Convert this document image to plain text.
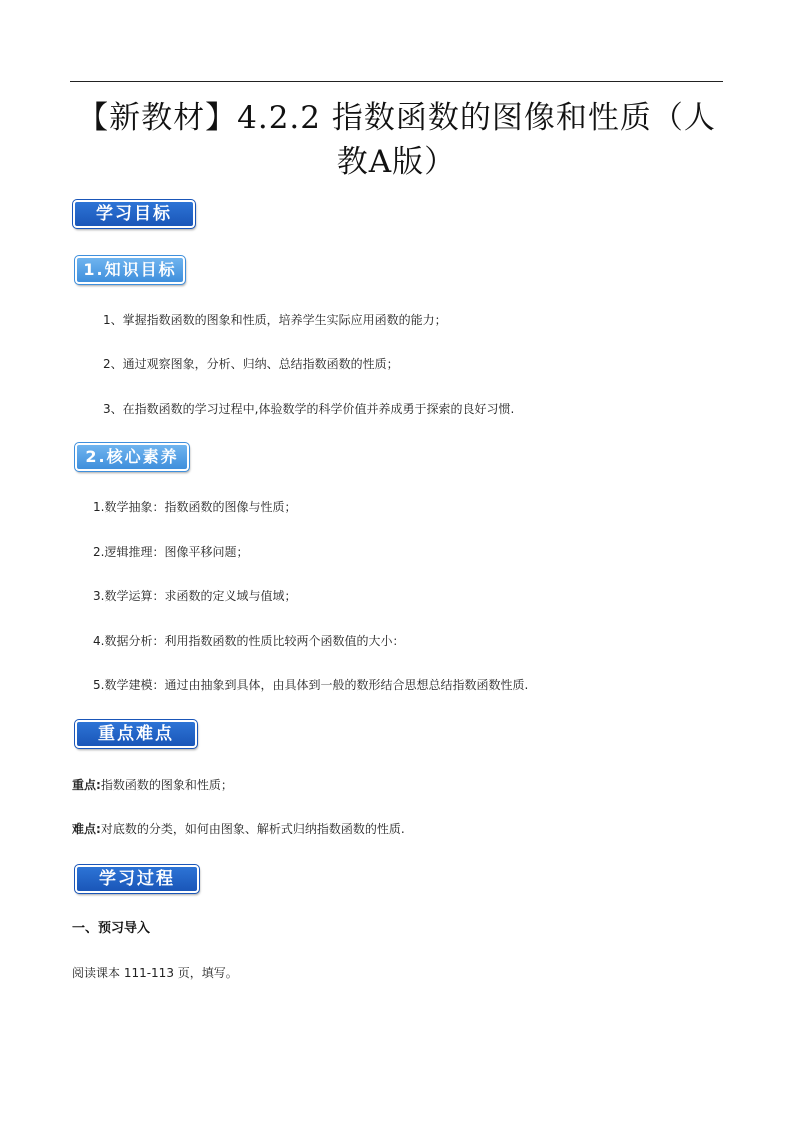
【新教材】4.2.2 指数函数的图像和性质（人教A版）
学习目标
1.知识目标
1、掌握指数函数的图象和性质，培养学生实际应用函数的能力；
2、通过观察图象，分析、归纳、总结指数函数的性质；
3、在指数函数的学习过程中,体验数学的科学价值并养成勇于探索的良好习惯.
2.核心素养
1.数学抽象：指数函数的图像与性质；
2.逻辑推理：图像平移问题；
3.数学运算：求函数的定义域与值域；
4.数据分析：利用指数函数的性质比较两个函数值的大小：
5.数学建模：通过由抽象到具体，由具体到一般的数形结合思想总结指数函数性质.
重点难点
重点:指数函数的图象和性质；
难点:对底数的分类，如何由图象、解析式归纳指数函数的性质.
学习过程
一、预习导入
阅读课本 111-113 页，填写。
